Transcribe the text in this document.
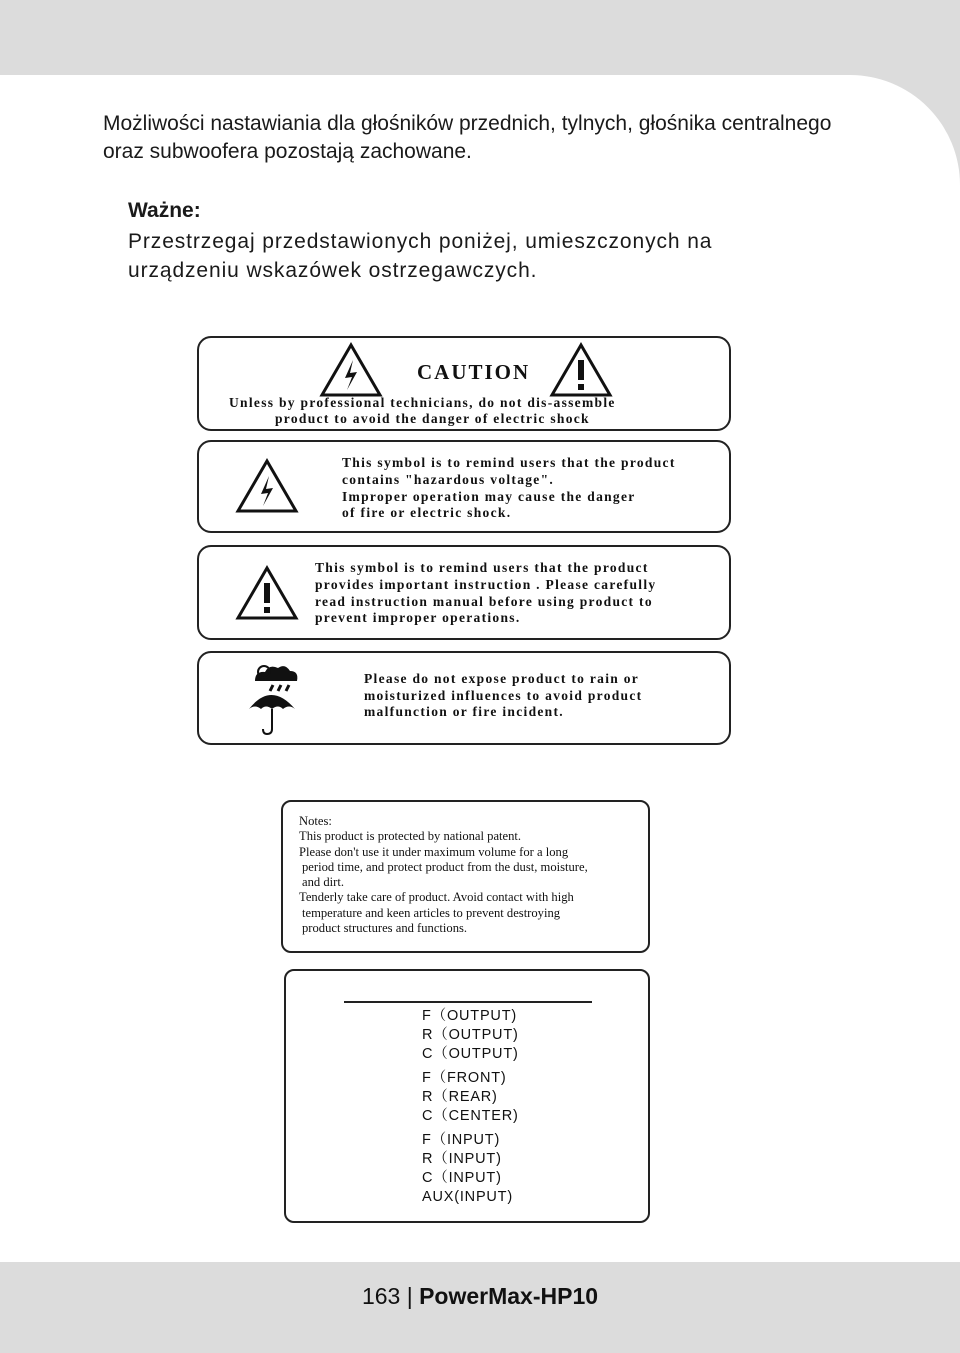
Możliwości nastawiania dla głośników przednich, tylnych, głośnika centralnego oraz subwoofera pozostają zachowane.

Ważne:

Przestrzegaj przedstawionych poniżej, umieszczonych na urządzeniu wskazówek ostrzegawczych.

CAUTION

Unless by professional technicians, do not dis-assemble

product to avoid the danger of electric shock

This symbol is to remind users that the product

contains "hazardous voltage".

Improper operation may cause the danger

of fire or electric shock.

This symbol is to remind users that the product

provides important instruction . Please carefully

read instruction manual before using product to

prevent improper operations.

Please do not expose product to rain or

moisturized influences to avoid product

malfunction or fire incident.

Notes:

This product is protected by national patent.

Please don't use it under maximum volume for a long

period time, and protect product from the dust, moisture,

and dirt.

Tenderly take care of product. Avoid contact with high

temperature and keen articles to prevent destroying

product structures and functions.

F（OUTPUT)
R（OUTPUT)
C（OUTPUT)
F（FRONT)
R（REAR)
C（CENTER)
F（INPUT)
R（INPUT)
C（INPUT)
AUX(INPUT)
163 | PowerMax-HP10
